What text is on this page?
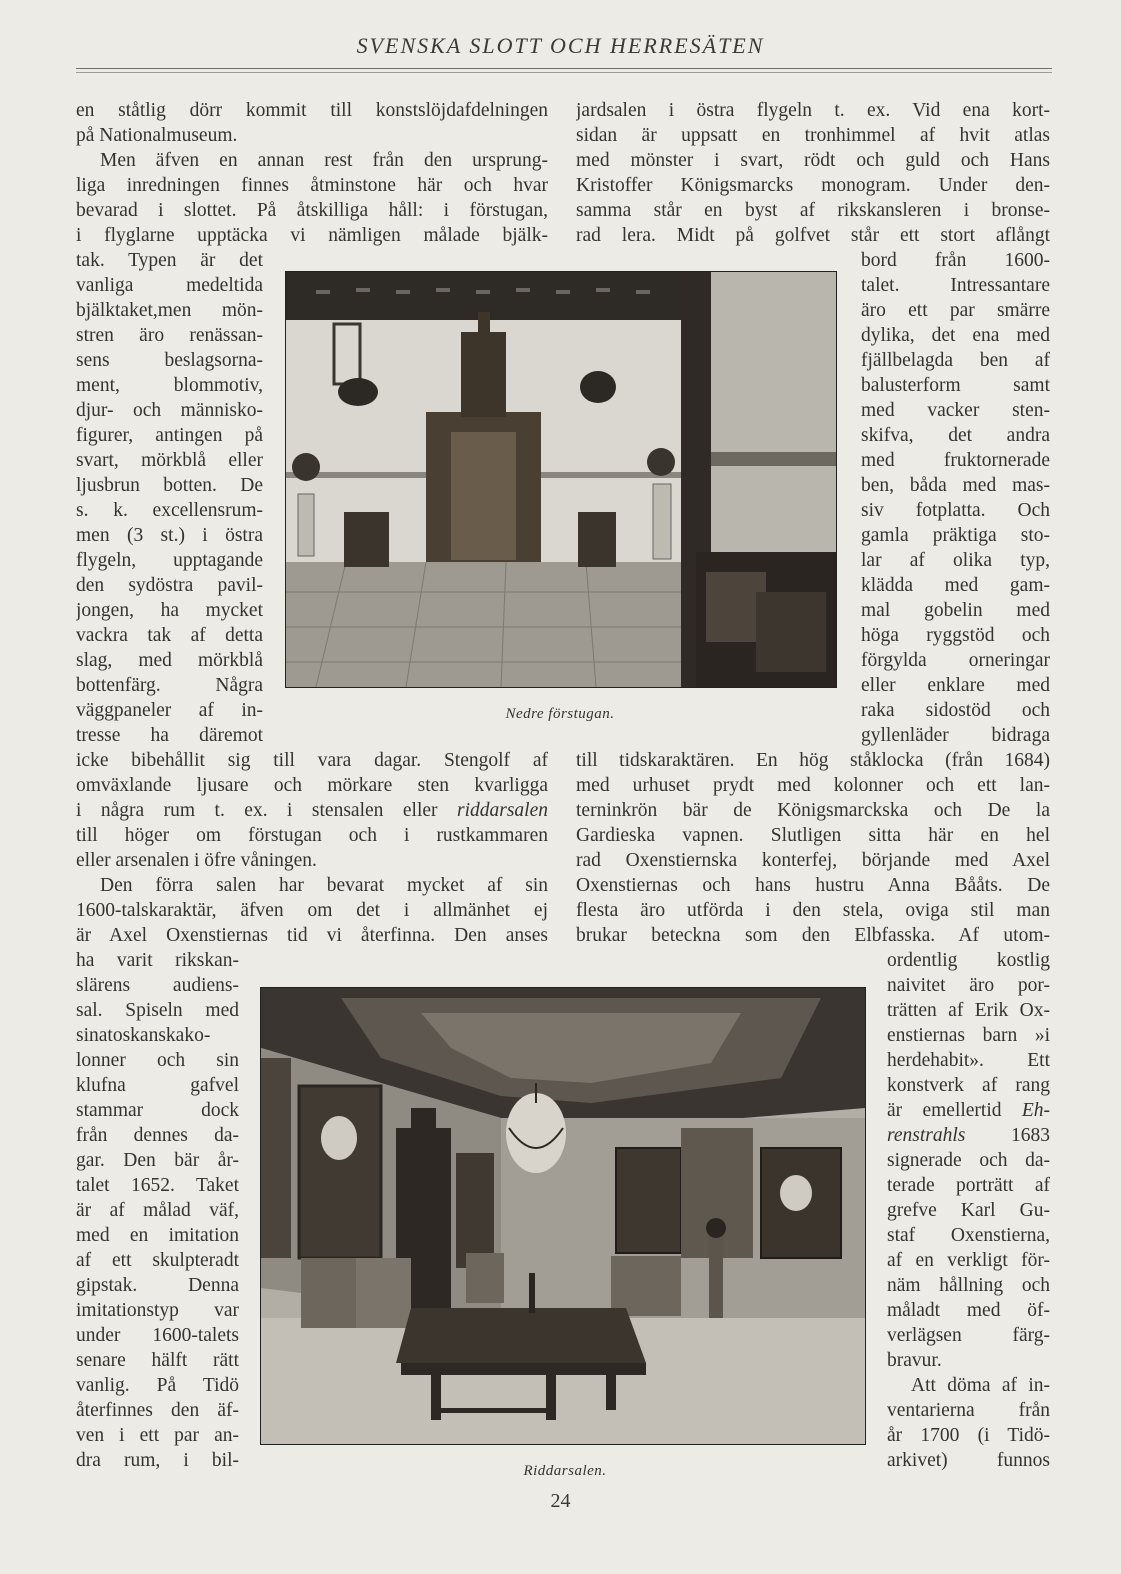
SVENSKA SLOTT OCH HERRESÄTEN
en ståtlig dörr kommit till konstslöjdafdelningen
på Nationalmuseum.
Men äfven en annan rest från den ursprung-
liga inredningen finnes åtminstone här och hvar
bevarad i slottet. På åtskilliga håll: i förstugan,
i flyglarne upptäcka vi nämligen målade bjälk-
tak. Typen är det
vanliga medeltida
bjälktaket,men mön-
stren äro renässan-
sens beslagsorna-
ment, blommotiv,
djur- och människo-
figurer, antingen på
svart, mörkblå eller
ljusbrun botten. De
s. k. excellensrum-
men (3 st.) i östra
flygeln, upptagande
den sydöstra pavil-
jongen, ha mycket
vackra tak af detta
slag, med mörkblå
bottenfärg. Några
väggpaneler af in-
tresse ha däremot
icke bibehållit sig till vara dagar. Stengolf af
omväxlande ljusare och mörkare sten kvarligga
i några rum t. ex. i stensalen eller riddarsalen
till höger om förstugan och i rustkammaren
eller arsenalen i öfre våningen.
Den förra salen har bevarat mycket af sin
1600-talskaraktär, äfven om det i allmänhet ej
är Axel Oxenstiernas tid vi återfinna. Den anses
ha varit rikskan-
slärens audiens-
sal. Spiseln med
sinatoskanskako-
lonner och sin
klufna gafvel
stammar dock
från dennes da-
gar. Den bär år-
talet 1652. Taket
är af målad väf,
med en imitation
af ett skulpteradt
gipstak. Denna
imitationstyp var
under 1600-talets
senare hälft rätt
vanlig. På Tidö
återfinnes den äf-
ven i ett par an-
dra rum, i bil-
jardsalen i östra flygeln t. ex. Vid ena kort-
sidan är uppsatt en tronhimmel af hvit atlas
med mönster i svart, rödt och guld och Hans
Kristoffer Königsmarcks monogram. Under den-
samma står en byst af rikskansleren i bronse-
rad lera. Midt på golfvet står ett stort aflångt
bord från 1600-
talet. Intressantare
äro ett par smärre
dylika, det ena med
fjällbelagda ben af
balusterform samt
med vacker sten-
skifva, det andra
med fruktornerade
ben, båda med mas-
siv fotplatta. Och
gamla präktiga sto-
lar af olika typ,
klädda med gam-
mal gobelin med
höga ryggstöd och
förgylda orneringar
eller enklare med
raka sidostöd och
gyllenläder bidraga
till tidskaraktären. En hög ståklocka (från 1684)
med urhuset prydt med kolonner och ett lan-
terninkrön bär de Königsmarckska och De la
Gardieska vapnen. Slutligen sitta här en hel
rad Oxenstiernska konterfej, börjande med Axel
Oxenstiernas och hans hustru Anna Bååts. De
flesta äro utförda i den stela, oviga stil man
brukar beteckna som den Elbfasska. Af utom-
ordentlig kostlig
naivitet äro por-
trätten af Erik Ox-
enstiernas barn »i
herdehabit». Ett
konstverk af rang
är emellertid Eh-
renstrahls 1683
signerade och da-
terade porträtt af
grefve Karl Gu-
staf Oxenstierna,
af en verkligt för-
näm hållning och
måladt med öf-
verlägsen färg-
bravur.
Att döma af in-
ventarierna från
år 1700 (i Tidö-
arkivet) funnos
Nedre förstugan.
Riddarsalen.
24
